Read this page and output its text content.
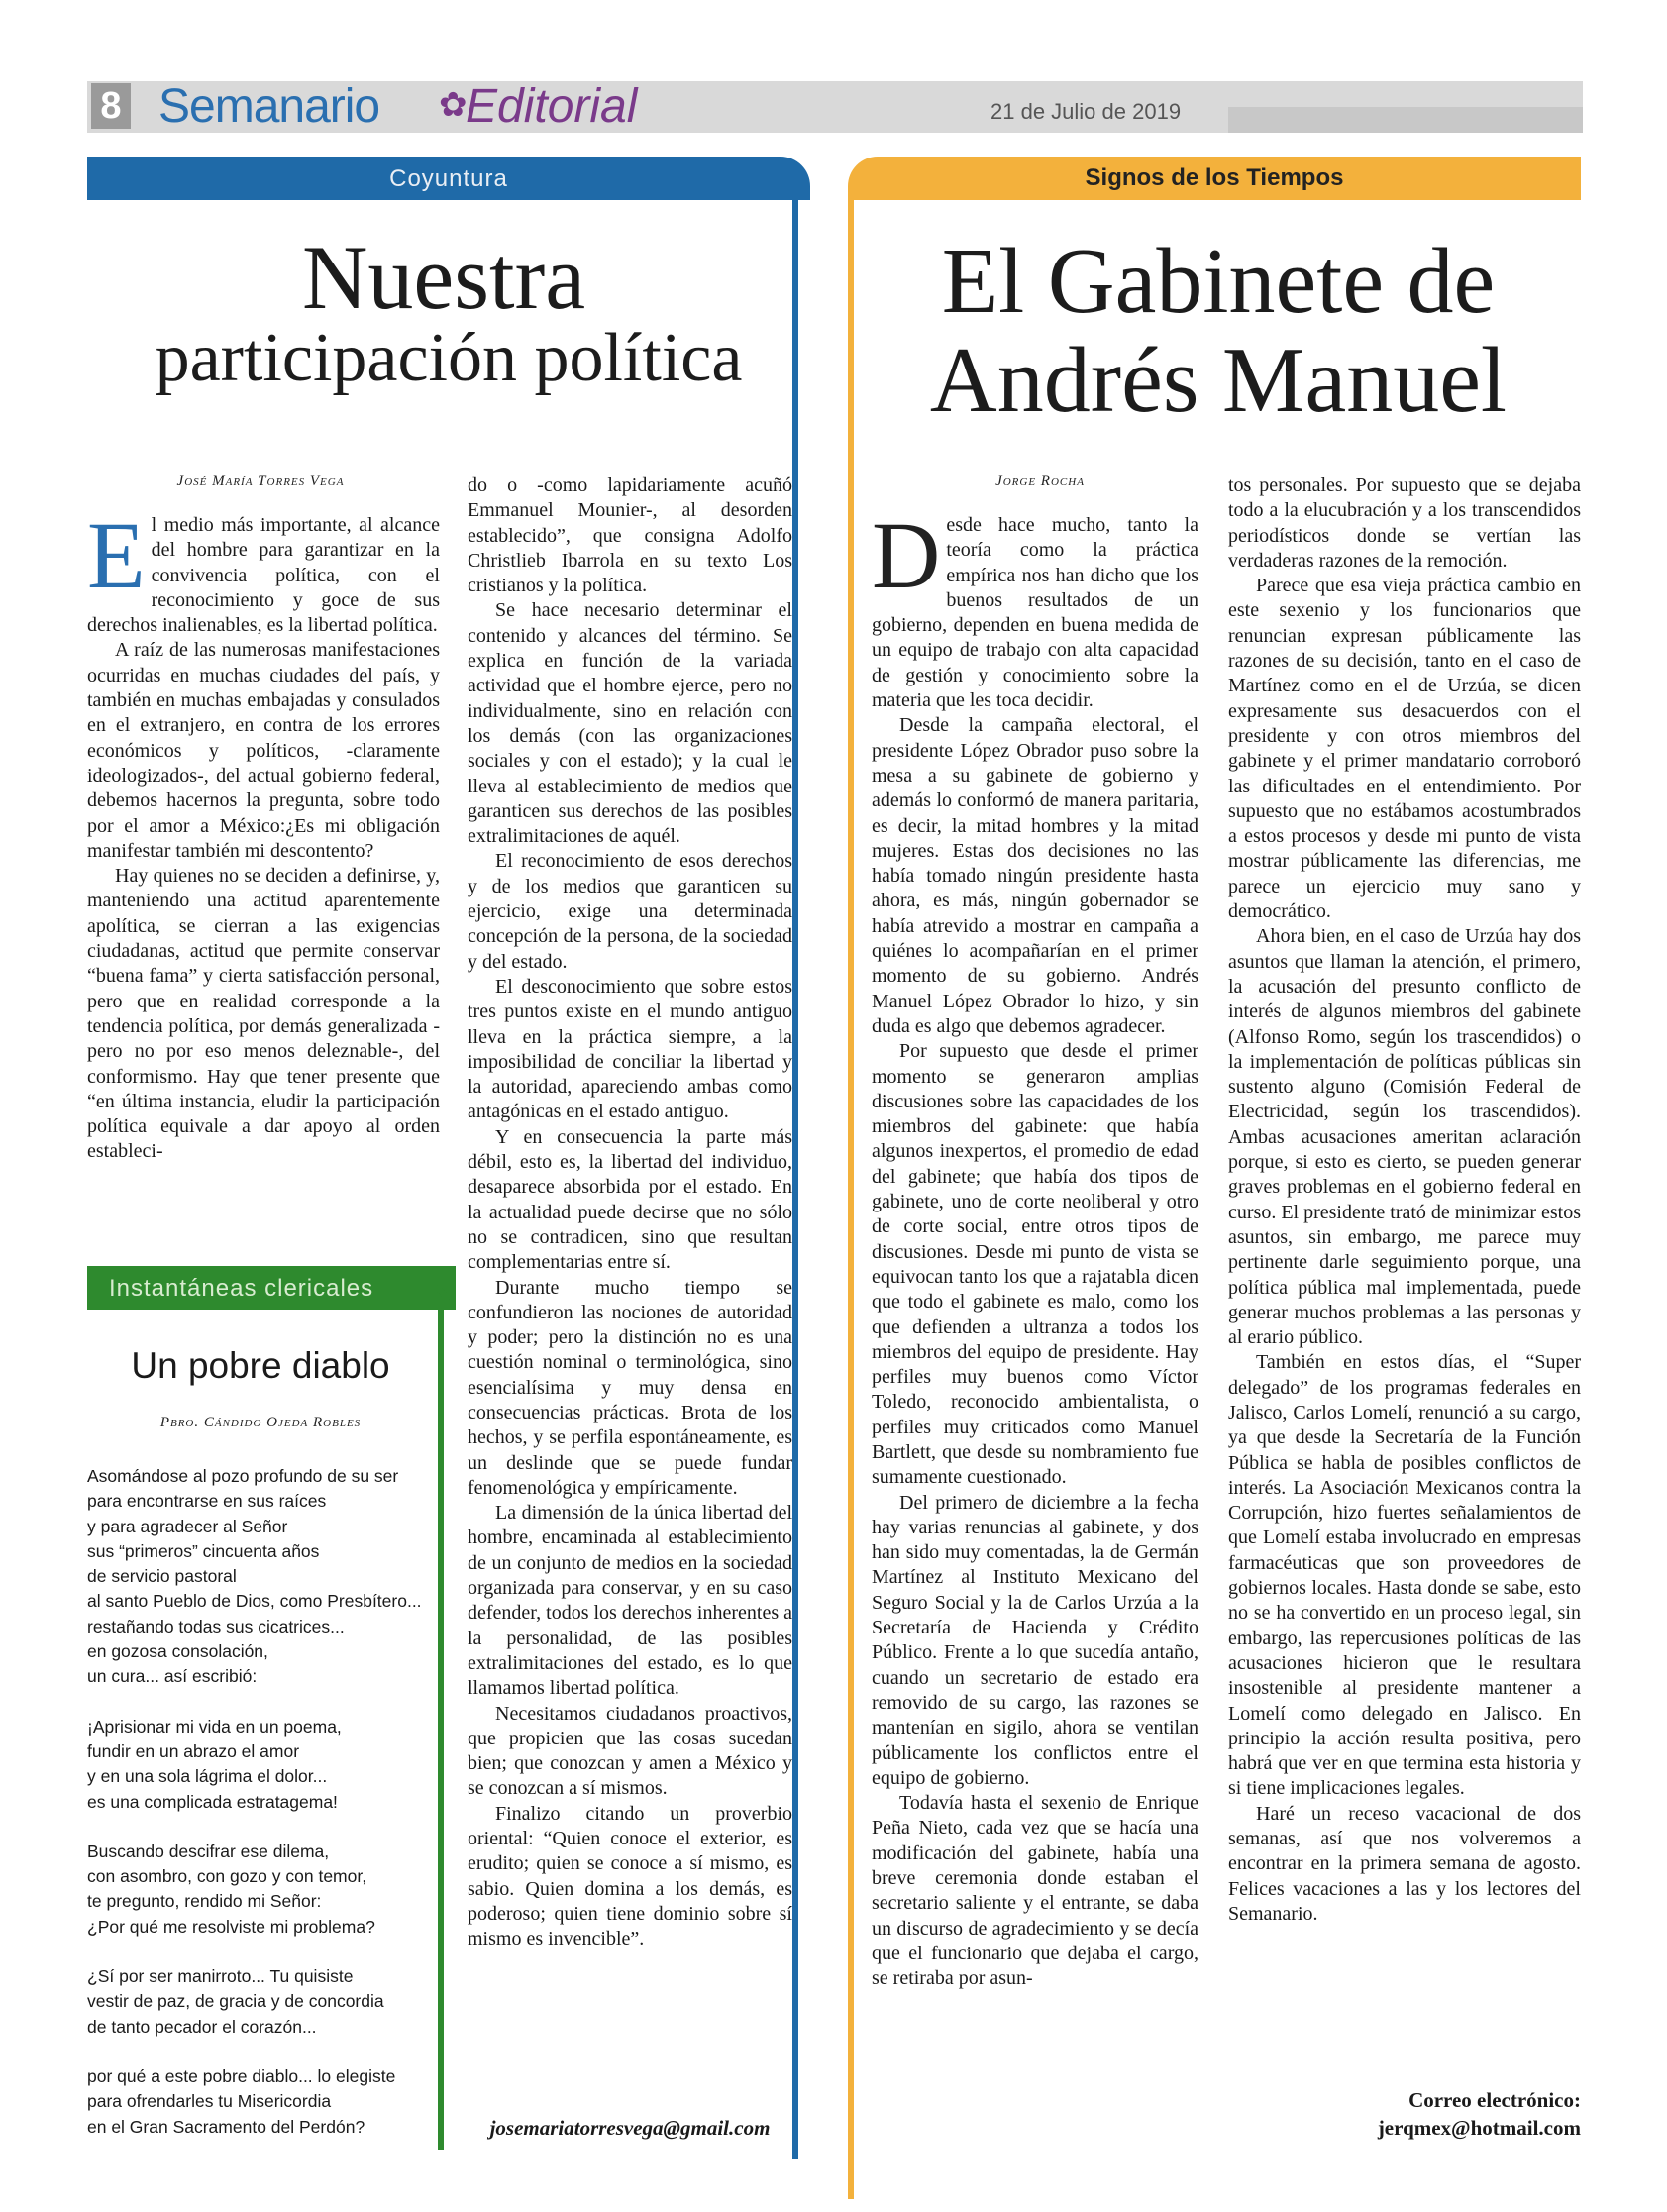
8 Semanario ✿
Editorial	21 de Julio de 2019
Coyuntura
Nuestra
participación política
José María Torres Vega
E l medio más importante, al alcance del hombre para garantizar en la convivencia política, con el reconocimiento y goce de sus derechos inalienables, es la libertad política.

A raíz de las numerosas manifestaciones ocurridas en muchas ciudades del país, y también en muchas embajadas y consulados en el extranjero, en contra de los errores económicos y políticos, -claramente ideologizados-, del actual gobierno federal, debemos hacernos la pregunta, sobre todo por el amor a México:¿Es mi obligación manifestar también mi descontento?

Hay quienes no se deciden a definirse, y, manteniendo una actitud aparentemente apolítica, se cierran a las exigencias ciudadanas, actitud que permite conservar “buena fama” y cierta satisfacción personal, pero que en realidad corresponde a la tendencia política, por demás generalizada -pero no por eso menos deleznable-, del conformismo. Hay que tener presente que “en última instancia, eludir la participación política equivale a dar apoyo al orden estableci-

do o -como lapidariamente acuñó Emmanuel Mounier-, al desorden establecido”, que consigna Adolfo Christlieb Ibarrola en su texto Los cristianos y la política.

Se hace necesario determinar el contenido y alcances del término. Se explica en función de la variada actividad que el hombre ejerce, pero no individualmente, sino en relación con los demás (con las organizaciones sociales y con el estado); y la cual le lleva al establecimiento de medios que garanticen sus derechos de las posibles extralimitaciones de aquél.

El reconocimiento de esos derechos y de los medios que garanticen su ejercicio, exige una determinada concepción de la persona, de la sociedad y del estado.

El desconocimiento que sobre estos tres puntos existe en el mundo antiguo lleva en la práctica siempre, a la imposibilidad de conciliar la libertad y la autoridad, apareciendo ambas como antagónicas en el estado antiguo.

Y en consecuencia la parte más débil, esto es, la libertad del individuo, desaparece absorbida por el estado. En la actualidad puede decirse que no sólo no se contradicen, sino que resultan complementarias entre sí.

Durante mucho tiempo se confundieron las nociones de autoridad y poder; pero la distinción no es una cuestión nominal o terminológica, sino esencialísima y muy densa en consecuencias prácticas. Brota de los hechos, y se perfila espontáneamente, es un deslinde que se puede fundar fenomenológica y empíricamente.

La dimensión de la única libertad del hombre, encaminada al establecimiento de un conjunto de medios en la sociedad organizada para conservar, y en su caso defender, todos los derechos inherentes a la personalidad, de las posibles extralimitaciones del estado, es lo que llamamos libertad política.

Necesitamos ciudadanos proactivos, que propicien que las cosas sucedan bien; que conozcan y amen a México y se conozcan a sí mismos.

Finalizo citando un proverbio oriental: “Quien conoce el exterior, es erudito; quien se conoce a sí mismo, es sabio. Quien domina a los demás, es poderoso; quien tiene dominio sobre sí mismo es invencible”.

josemariatorresvega@gmail.com
Instantáneas clericales
Un pobre diablo
Pbro. Cándido Ojeda Robles
Asomándose al pozo profundo de su ser
para encontrarse en sus raíces
y para agradecer al Señor
sus “primeros” cincuenta años
de servicio pastoral
al santo Pueblo de Dios, como Presbítero...
restañando todas sus cicatrices...
en gozosa consolación,
un cura... así escribió:
¡Aprisionar mi vida en un poema,
fundir en un abrazo el amor
y en una sola lágrima el dolor...
es una complicada estratagema!
Buscando descifrar ese dilema,
con asombro, con gozo y con temor,
te pregunto, rendido mi Señor:
¿Por qué me resolviste mi problema?
¿Sí por ser manirroto... Tu quisiste
vestir de paz, de gracia y de concordia
de tanto pecador el corazón...
por qué a este pobre diablo... lo elegiste
para ofrendarles tu Misericordia
en el Gran Sacramento del Perdón?
Signos de los Tiempos
El Gabinete de
Andrés Manuel
Jorge Rocha
D esde hace mucho, tanto la teoría como la práctica empírica nos han dicho que los buenos resultados de un gobierno, dependen en buena medida de un equipo de trabajo con alta capacidad de gestión y conocimiento sobre la materia que les toca decidir.

Desde la campaña electoral, el presidente López Obrador puso sobre la mesa a su gabinete de gobierno y además lo conformó de manera paritaria, es decir, la mitad hombres y la mitad mujeres. Estas dos decisiones no las había tomado ningún presidente hasta ahora, es más, ningún gobernador se había atrevido a mostrar en campaña a quiénes lo acompañarían en el primer momento de su gobierno. Andrés Manuel López Obrador lo hizo, y sin duda es algo que debemos agradecer.

Por supuesto que desde el primer momento se generaron amplias discusiones sobre las capacidades de los miembros del gabinete: que había algunos inexpertos, el promedio de edad del gabinete; que había dos tipos de gabinete, uno de corte neoliberal y otro de corte social, entre otros tipos de discusiones. Desde mi punto de vista se equivocan tanto los que a rajatabla dicen que todo el gabinete es malo, como los que defienden a ultranza a todos los miembros del equipo de presidente. Hay perfiles muy buenos como Víctor Toledo, reconocido ambientalista, o perfiles muy criticados como Manuel Bartlett, que desde su nombramiento fue sumamente cuestionado.

Del primero de diciembre a la fecha hay varias renuncias al gabinete, y dos han sido muy comentadas, la de Germán Martínez al Instituto Mexicano del Seguro Social y la de Carlos Urzúa a la Secretaría de Hacienda y Crédito Público. Frente a lo que sucedía antaño, cuando un secretario de estado era removido de su cargo, las razones se mantenían en sigilo, ahora se ventilan públicamente los conflictos entre el equipo de gobierno.

Todavía hasta el sexenio de Enrique Peña Nieto, cada vez que se hacía una modificación del gabinete, había una breve ceremonia donde estaban el secretario saliente y el entrante, se daba un discurso de agradecimiento y se decía que el funcionario que dejaba el cargo, se retiraba por asun-

tos personales. Por supuesto que se dejaba todo a la elucubración y a los transcendidos periodísticos donde se vertían las verdaderas razones de la remoción.

Parece que esa vieja práctica cambio en este sexenio y los funcionarios que renuncian expresan públicamente las razones de su decisión, tanto en el caso de Martínez como en el de Urzúa, se dicen expresamente sus desacuerdos con el presidente y con otros miembros del gabinete y el primer mandatario corroboró las dificultades en el entendimiento. Por supuesto que no estábamos acostumbrados a estos procesos y desde mi punto de vista mostrar públicamente las diferencias, me parece un ejercicio muy sano y democrático.

Ahora bien, en el caso de Urzúa hay dos asuntos que llaman la atención, el primero, la acusación del presunto conflicto de interés de algunos miembros del gabinete (Alfonso Romo, según los trascendidos) o la implementación de políticas públicas sin sustento alguno (Comisión Federal de Electricidad, según los trascendidos). Ambas acusaciones ameritan aclaración porque, si esto es cierto, se pueden generar graves problemas en el gobierno federal en curso. El presidente trató de minimizar estos asuntos, sin embargo, me parece muy pertinente darle seguimiento porque, una política pública mal implementada, puede generar muchos problemas a las personas y al erario público.

También en estos días, el “Super delegado” de los programas federales en Jalisco, Carlos Lomelí, renunció a su cargo, ya que desde la Secretaría de la Función Pública se habla de posibles conflictos de interés. La Asociación Mexicanos contra la Corrupción, hizo fuertes señalamientos de que Lomelí estaba involucrado en empresas farmacéuticas que son proveedores de gobiernos locales. Hasta donde se sabe, esto no se ha convertido en un proceso legal, sin embargo, las repercusiones políticas de las acusaciones hicieron que le resultara insostenible al presidente mantener a Lomelí como delegado en Jalisco. En principio la acción resulta positiva, pero habrá que ver en que termina esta historia y si tiene implicaciones legales.

Haré un receso vacacional de dos semanas, así que nos volveremos a encontrar en la primera semana de agosto. Felices vacaciones a las y los lectores del Semanario.

Correo electrónico:
jerqmex@hotmail.com
